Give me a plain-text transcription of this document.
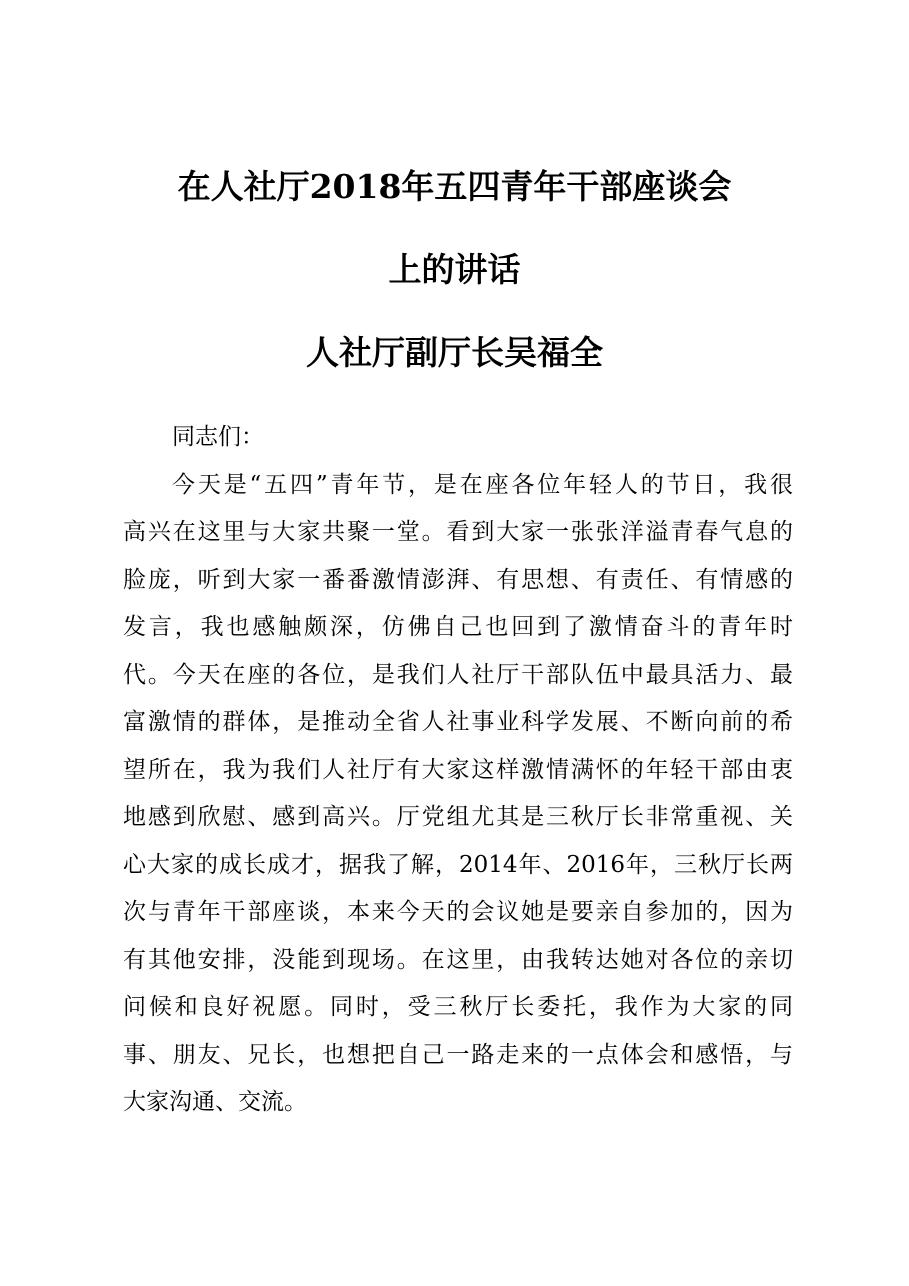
在人社厅2018年五四青年干部座谈会
上的讲话
人社厅副厅长吴福全

同志们：

今天是“五四”青年节，是在座各位年轻人的节日，我很

高兴在这里与大家共聚一堂。看到大家一张张洋溢青春气息的

脸庞，听到大家一番番激情澎湃、有思想、有责任、有情感的

发言，我也感触颇深，仿佛自己也回到了激情奋斗的青年时

代。今天在座的各位，是我们人社厅干部队伍中最具活力、最

富激情的群体，是推动全省人社事业科学发展、不断向前的希

望所在，我为我们人社厅有大家这样激情满怀的年轻干部由衷

地感到欣慰、感到高兴。厅党组尤其是三秋厅长非常重视、关

心大家的成长成才，据我了解，2014年、2016年，三秋厅长两

次与青年干部座谈，本来今天的会议她是要亲自参加的，因为

有其他安排，没能到现场。在这里，由我转达她对各位的亲切

问候和良好祝愿。同时，受三秋厅长委托，我作为大家的同

事、朋友、兄长，也想把自己一路走来的一点体会和感悟，与

大家沟通、交流。
